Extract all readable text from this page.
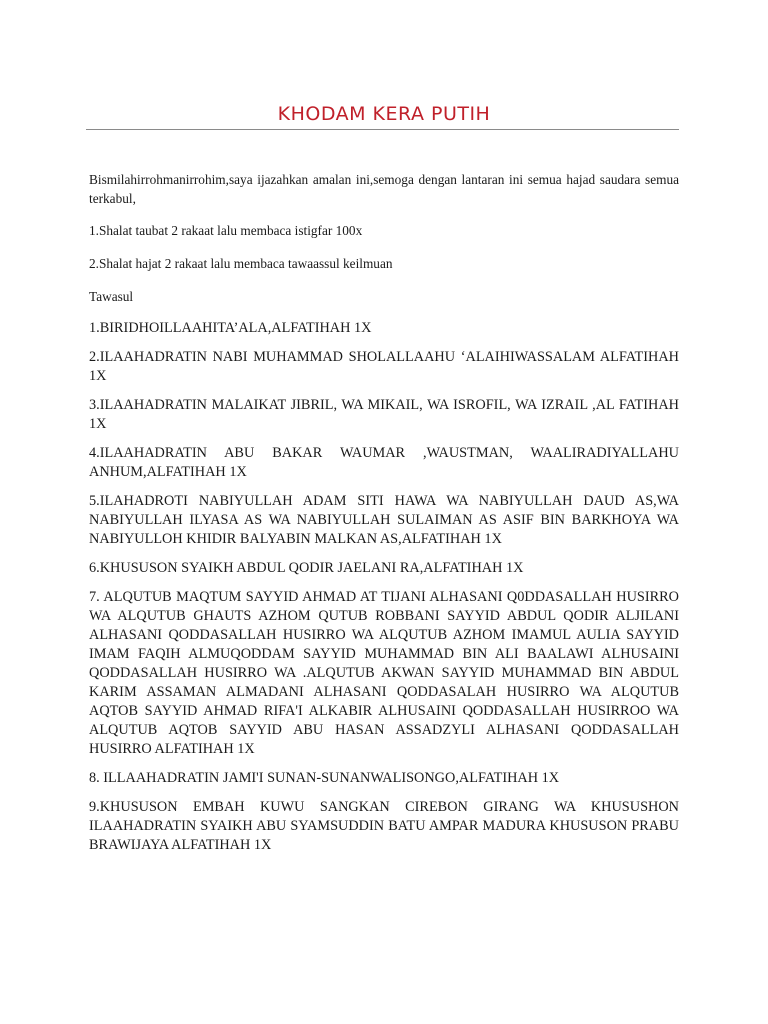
KHODAM KERA PUTIH

Bismilahirrohmanirrohim,saya ijazahkan amalan ini,semoga dengan lantaran ini semua hajad saudara semua terkabul,

1.Shalat taubat 2 rakaat lalu membaca istigfar 100x

2.Shalat hajat 2 rakaat lalu membaca tawaassul keilmuan

Tawasul

1.BIRIDHOILLAAHITA’ALA,ALFATIHAH 1X

2.ILAAHADRATIN NABI MUHAMMAD SHOLALLAAHU ‘ALAIHIWASSALAM ALFATIHAH 1X

3.ILAAHADRATIN MALAIKAT JIBRIL, WA MIKAIL, WA ISROFIL, WA IZRAIL ,AL FATIHAH 1X

4.ILAAHADRATIN ABU BAKAR WAUMAR ,WAUSTMAN, WAALIRADIYALLAHU ANHUM,ALFATIHAH 1X

5.ILAHADROTI NABIYULLAH ADAM SITI HAWA WA NABIYULLAH DAUD AS,WA NABIYULLAH ILYASA AS WA NABIYULLAH SULAIMAN AS ASIF BIN BARKHOYA WA NABIYULLOH KHIDIR BALYABIN MALKAN AS,ALFATIHAH 1X

6.KHUSUSON SYAIKH ABDUL QODIR JAELANI RA,ALFATIHAH 1X

7. ALQUTUB MAQTUM SAYYID AHMAD AT TIJANI ALHASANI Q0DDASALLAH HUSIRRO WA ALQUTUB GHAUTS AZHOM QUTUB ROBBANI SAYYID ABDUL QODIR ALJILANI ALHASANI QODDASALLAH HUSIRRO WA ALQUTUB AZHOM IMAMUL AULIA SAYYID IMAM FAQIH ALMUQODDAM SAYYID MUHAMMAD BIN ALI BAALAWI ALHUSAINI QODDASALLAH HUSIRRO WA .ALQUTUB AKWAN SAYYID MUHAMMAD BIN ABDUL KARIM ASSAMAN ALMADANI ALHASANI QODDASALAH HUSIRRO WA ALQUTUB AQTOB SAYYID AHMAD RIFA'I ALKABIR ALHUSAINI QODDASALLAH HUSIRROO WA ALQUTUB AQTOB SAYYID ABU HASAN ASSADZYLI ALHASANI QODDASALLAH HUSIRRO ALFATIHAH 1X

8. ILLAAHADRATIN JAMI'I SUNAN-SUNANWALISONGO,ALFATIHAH 1X

9.KHUSUSON EMBAH KUWU SANGKAN CIREBON GIRANG WA KHUSUSHON ILAAHADRATIN SYAIKH ABU SYAMSUDDIN BATU AMPAR MADURA KHUSUSON PRABU BRAWIJAYA ALFATIHAH 1X
